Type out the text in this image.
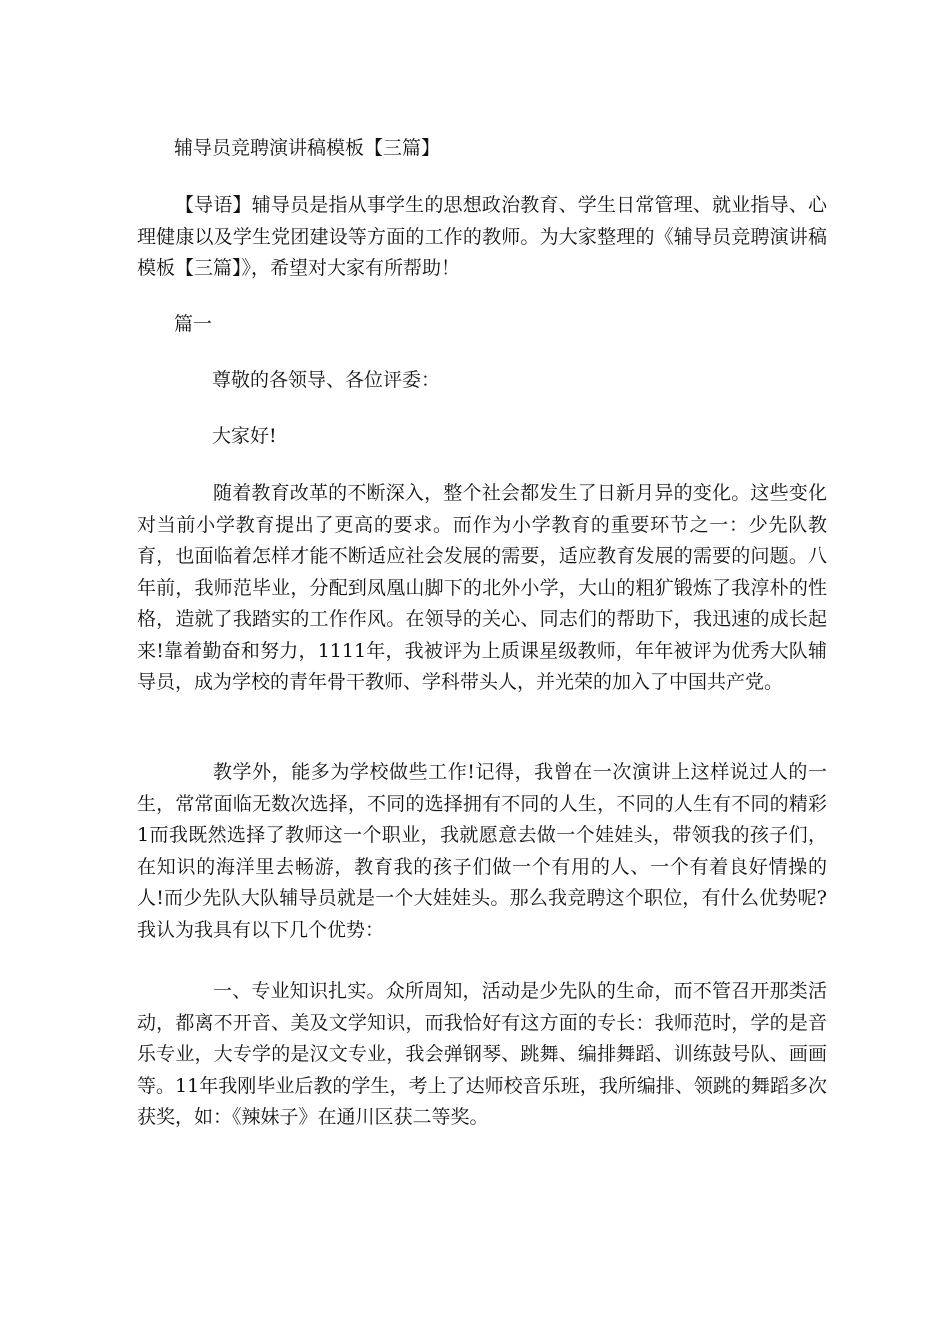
辅导员竞聘演讲稿模板【三篇】

【导语】辅导员是指从事学生的思想政治教育、学生日常管理、就业指导、心理健康以及学生党团建设等方面的工作的教师。为大家整理的《辅导员竞聘演讲稿模板【三篇】》，希望对大家有所帮助！

篇一
尊敬的各领导、各位评委：
大家好!

随着教育改革的不断深入，整个社会都发生了日新月异的变化。这些变化对当前小学教育提出了更高的要求。而作为小学教育的重要环节之一：少先队教育，也面临着怎样才能不断适应社会发展的需要，适应教育发展的需要的问题。八年前，我师范毕业，分配到凤凰山脚下的北外小学，大山的粗犷锻炼了我淳朴的性格，造就了我踏实的工作作风。在领导的关心、同志们的帮助下，我迅速的成长起来!靠着勤奋和努力，1111年，我被评为上质课星级教师，年年被评为优秀大队辅导员，成为学校的青年骨干教师、学科带头人，并光荣的加入了中国共产党。

教学外，能多为学校做些工作!记得，我曾在一次演讲上这样说过人的一生，常常面临无数次选择，不同的选择拥有不同的人生，不同的人生有不同的精彩1而我既然选择了教师这一个职业，我就愿意去做一个娃娃头，带领我的孩子们，在知识的海洋里去畅游，教育我的孩子们做一个有用的人、一个有着良好情操的人!而少先队大队辅导员就是一个大娃娃头。那么我竞聘这个职位，有什么优势呢?我认为我具有以下几个优势：

一、专业知识扎实。众所周知，活动是少先队的生命，而不管召开那类活动，都离不开音、美及文学知识，而我恰好有这方面的专长：我师范时，学的是音乐专业，大专学的是汉文专业，我会弹钢琴、跳舞、编排舞蹈、训练鼓号队、画画等。11年我刚毕业后教的学生，考上了达师校音乐班，我所编排、领跳的舞蹈多次获奖，如：《辣妹子》在通川区获二等奖。
